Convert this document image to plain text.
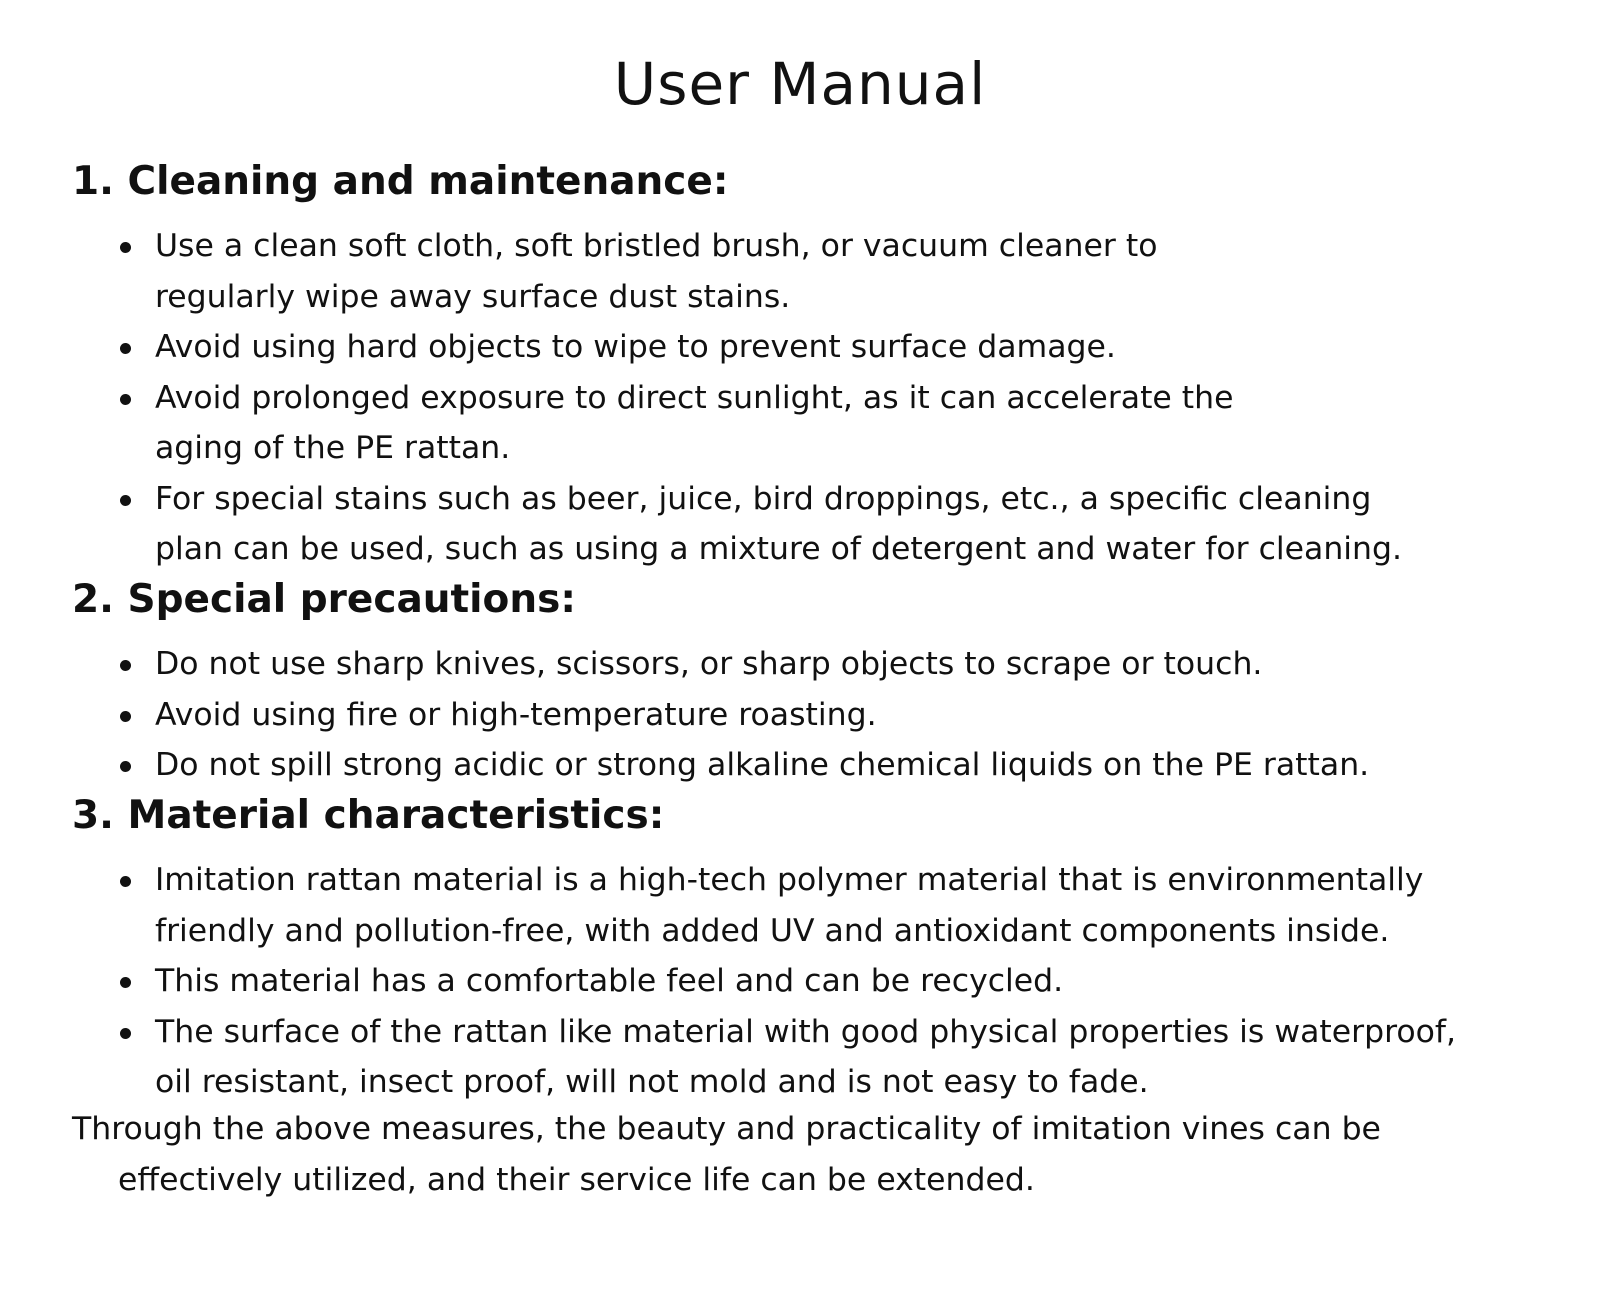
User Manual
1. Cleaning and maintenance:
Use a clean soft cloth, soft bristled brush, or vacuum cleaner to
regularly wipe away surface dust stains.
Avoid using hard objects to wipe to prevent surface damage.
Avoid prolonged exposure to direct sunlight, as it can accelerate the
aging of the PE rattan.
For special stains such as beer, juice, bird droppings, etc., a specific cleaning
plan can be used, such as using a mixture of detergent and water for cleaning.
2. Special precautions:
Do not use sharp knives, scissors, or sharp objects to scrape or touch.
Avoid using fire or high-temperature roasting.
Do not spill strong acidic or strong alkaline chemical liquids on the PE rattan.
3. Material characteristics:
Imitation rattan material is a high-tech polymer material that is environmentally
friendly and pollution-free, with added UV and antioxidant components inside.
This material has a comfortable feel and can be recycled.
The surface of the rattan like material with good physical properties is waterproof,
oil resistant, insect proof, will not mold and is not easy to fade.

Through the above measures, the beauty and practicality of imitation vines can be
effectively utilized, and their service life can be extended.
